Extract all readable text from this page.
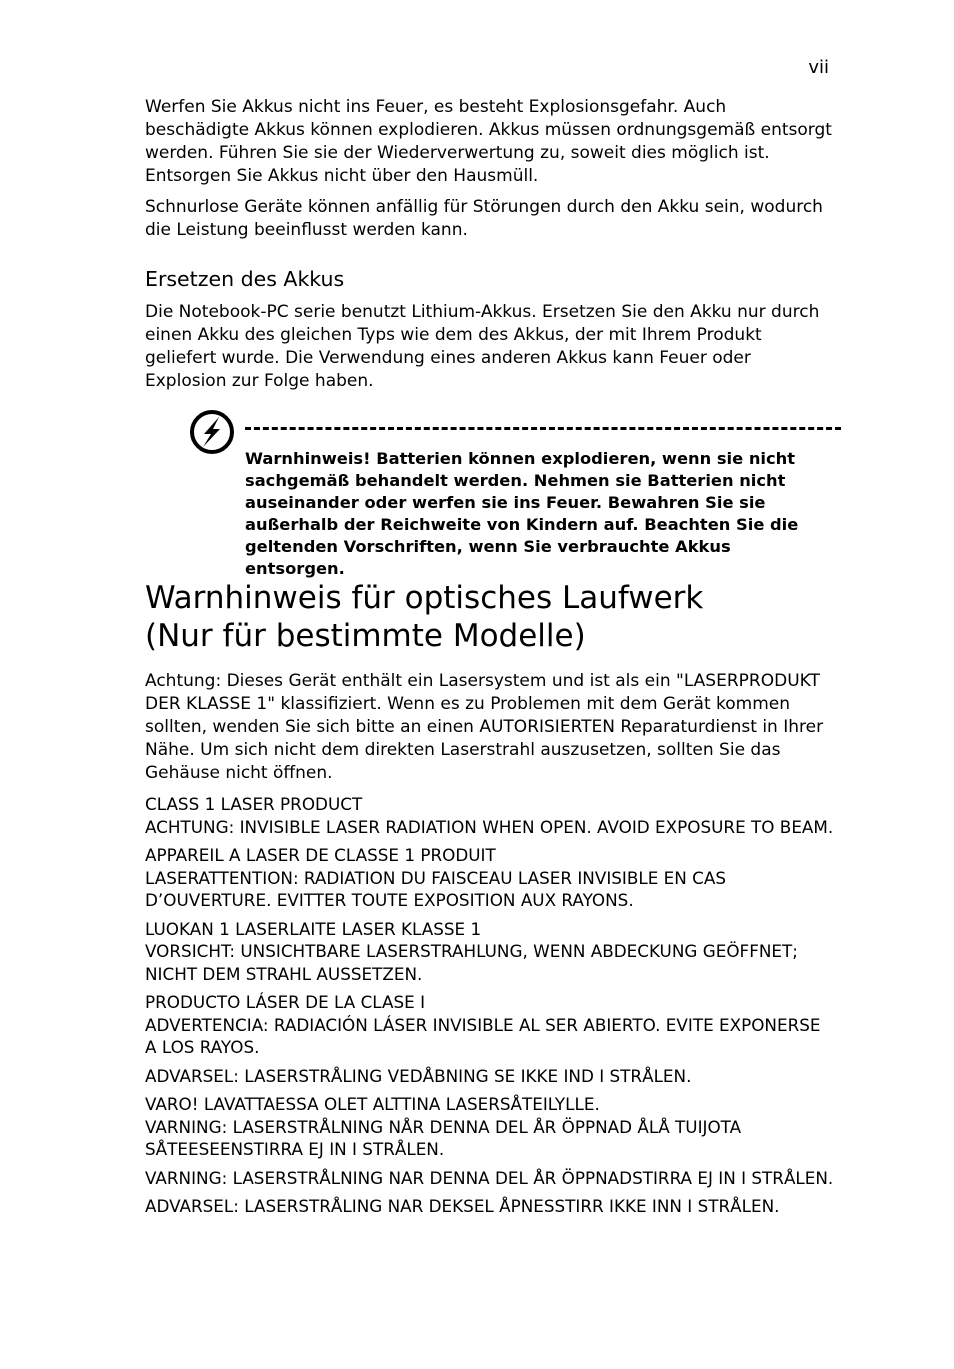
vii

Werfen Sie Akkus nicht ins Feuer, es besteht Explosionsgefahr. Auch beschädigte Akkus können explodieren. Akkus müssen ordnungsgemäß entsorgt werden. Führen Sie sie der Wiederverwertung zu, soweit dies möglich ist. Entsorgen Sie Akkus nicht über den Hausmüll.

Schnurlose Geräte können anfällig für Störungen durch den Akku sein, wodurch die Leistung beeinflusst werden kann.

Ersetzen des Akkus

Die Notebook-PC serie benutzt Lithium-Akkus. Ersetzen Sie den Akku nur durch einen Akku des gleichen Typs wie dem des Akkus, der mit Ihrem Produkt geliefert wurde. Die Verwendung eines anderen Akkus kann Feuer oder Explosion zur Folge haben.

Warnhinweis! Batterien können explodieren, wenn sie nicht sachgemäß behandelt werden. Nehmen sie Batterien nicht auseinander oder werfen sie ins Feuer. Bewahren Sie sie außerhalb der Reichweite von Kindern auf. Beachten Sie die geltenden Vorschriften, wenn Sie verbrauchte Akkus entsorgen.
Warnhinweis für optisches Laufwerk
(Nur für bestimmte Modelle)

Achtung: Dieses Gerät enthält ein Lasersystem und ist als ein "LASERPRODUKT DER KLASSE 1" klassifiziert. Wenn es zu Problemen mit dem Gerät kommen sollten, wenden Sie sich bitte an einen AUTORISIERTEN Reparaturdienst in Ihrer Nähe. Um sich nicht dem direkten Laserstrahl auszusetzen, sollten Sie das Gehäuse nicht öffnen.

CLASS 1 LASER PRODUCT
ACHTUNG: INVISIBLE LASER RADIATION WHEN OPEN. AVOID EXPOSURE TO BEAM.

APPAREIL A LASER DE CLASSE 1 PRODUIT
LASERATTENTION: RADIATION DU FAISCEAU LASER INVISIBLE EN CAS D’OUVERTURE. EVITTER TOUTE EXPOSITION AUX RAYONS.

LUOKAN 1 LASERLAITE LASER KLASSE 1
VORSICHT: UNSICHTBARE LASERSTRAHLUNG, WENN ABDECKUNG GEÖFFNET; NICHT DEM STRAHL AUSSETZEN.

PRODUCTO LÁSER DE LA CLASE I
ADVERTENCIA: RADIACIÓN LÁSER INVISIBLE AL SER ABIERTO. EVITE EXPONERSE A LOS RAYOS.

ADVARSEL: LASERSTRÅLING VEDÅBNING SE IKKE IND I STRÅLEN.

VARO! LAVATTAESSA OLET ALTTINA LASERSÅTEILYLLE.
VARNING: LASERSTRÅLNING NÅR DENNA DEL ÅR ÖPPNAD ÅLÅ TUIJOTA SÅTEESEENSTIRRA EJ IN I STRÅLEN.

VARNING: LASERSTRÅLNING NAR DENNA DEL ÅR ÖPPNADSTIRRA EJ IN I STRÅLEN.

ADVARSEL: LASERSTRÅLING NAR DEKSEL ÅPNESSTIRR IKKE INN I STRÅLEN.
